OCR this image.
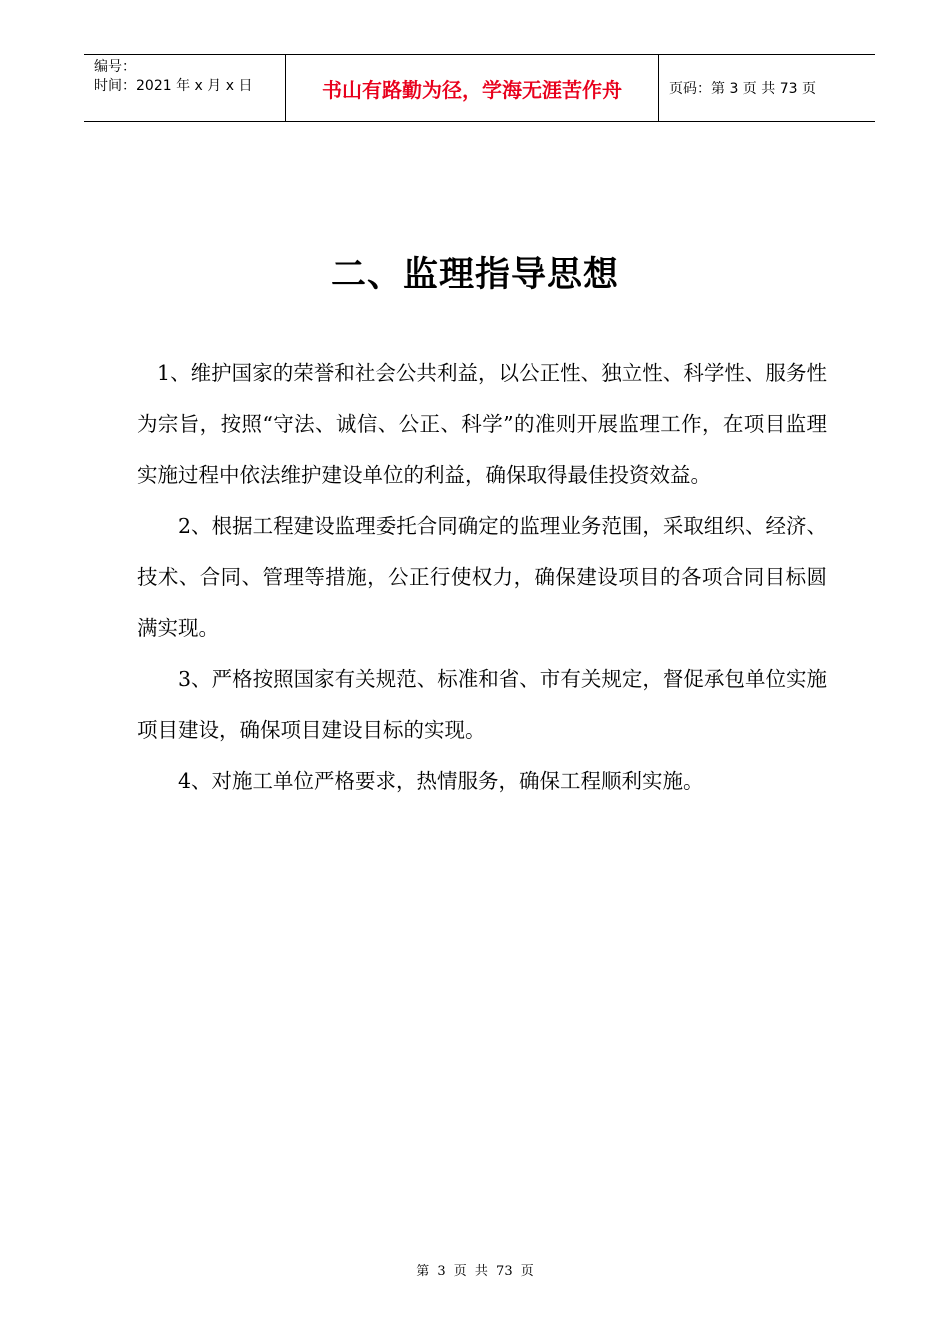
编号：
时间：2021 年 x 月 x 日	书山有路勤为径，学海无涯苦作舟	页码：第 3 页 共 73 页
二、监理指导思想

1、维护国家的荣誉和社会公共利益，以公正性、独立性、科学性、服务性为宗旨，按照“守法、诚信、公正、科学”的准则开展监理工作，在项目监理实施过程中依法维护建设单位的利益，确保取得最佳投资效益。

2、根据工程建设监理委托合同确定的监理业务范围，采取组织、经济、技术、合同、管理等措施，公正行使权力，确保建设项目的各项合同目标圆满实现。

3、严格按照国家有关规范、标准和省、市有关规定，督促承包单位实施项目建设，确保项目建设目标的实现。

4、对施工单位严格要求，热情服务，确保工程顺利实施。

第 3 页 共 73 页
